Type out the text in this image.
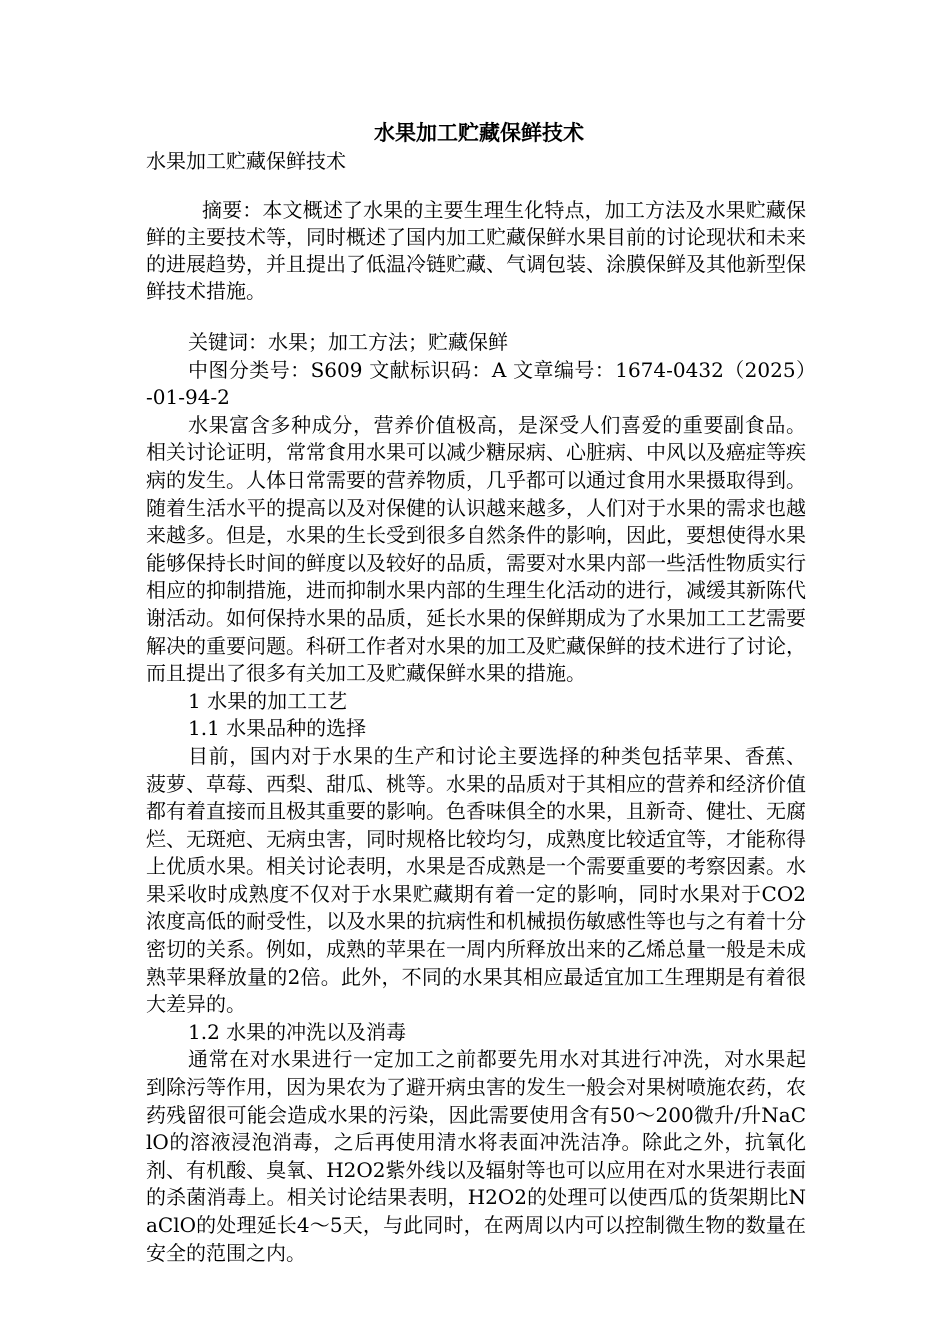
水果加工贮藏保鲜技术
水果加工贮藏保鲜技术

摘要：本文概述了水果的主要生理生化特点，加工方法及水果贮藏保鲜的主要技术等，同时概述了国内加工贮藏保鲜水果目前的讨论现状和未来的进展趋势，并且提出了低温冷链贮藏、气调包装、涂膜保鲜及其他新型保鲜技术措施。

关键词：水果；加工方法；贮藏保鲜

中图分类号：S609 文献标识码：A 文章编号：1674-0432（2025）-01-94-2

水果富含多种成分，营养价值极高，是深受人们喜爱的重要副食品。相关讨论证明，常常食用水果可以减少糖尿病、心脏病、中风以及癌症等疾病的发生。人体日常需要的营养物质，几乎都可以通过食用水果摄取得到。随着生活水平的提高以及对保健的认识越来越多，人们对于水果的需求也越来越多。但是，水果的生长受到很多自然条件的影响，因此，要想使得水果能够保持长时间的鲜度以及较好的品质，需要对水果内部一些活性物质实行相应的抑制措施，进而抑制水果内部的生理生化活动的进行，减缓其新陈代谢活动。如何保持水果的品质，延长水果的保鲜期成为了水果加工工艺需要解决的重要问题。科研工作者对水果的加工及贮藏保鲜的技术进行了讨论，而且提出了很多有关加工及贮藏保鲜水果的措施。

1 水果的加工工艺

1.1 水果品种的选择

目前，国内对于水果的生产和讨论主要选择的种类包括苹果、香蕉、菠萝、草莓、西梨、甜瓜、桃等。水果的品质对于其相应的营养和经济价值都有着直接而且极其重要的影响。色香味俱全的水果，且新奇、健壮、无腐烂、无斑疤、无病虫害，同时规格比较均匀，成熟度比较适宜等，才能称得上优质水果。相关讨论表明，水果是否成熟是一个需要重要的考察因素。水果采收时成熟度不仅对于水果贮藏期有着一定的影响，同时水果对于CO2浓度高低的耐受性，以及水果的抗病性和机械损伤敏感性等也与之有着十分密切的关系。例如，成熟的苹果在一周内所释放出来的乙烯总量一般是未成熟苹果释放量的2倍。此外，不同的水果其相应最适宜加工生理期是有着很大差异的。

1.2 水果的冲洗以及消毒

通常在对水果进行一定加工之前都要先用水对其进行冲洗，对水果起到除污等作用，因为果农为了避开病虫害的发生一般会对果树喷施农药，农药残留很可能会造成水果的污染，因此需要使用含有50～200微升/升NaClO的溶液浸泡消毒，之后再使用清水将表面冲洗洁净。除此之外，抗氧化剂、有机酸、臭氧、H2O2紫外线以及辐射等也可以应用在对水果进行表面的杀菌消毒上。相关讨论结果表明，H2O2的处理可以使西瓜的货架期比NaClO的处理延长4～5天，与此同时，在两周以内可以控制微生物的数量在安全的范围之内。
